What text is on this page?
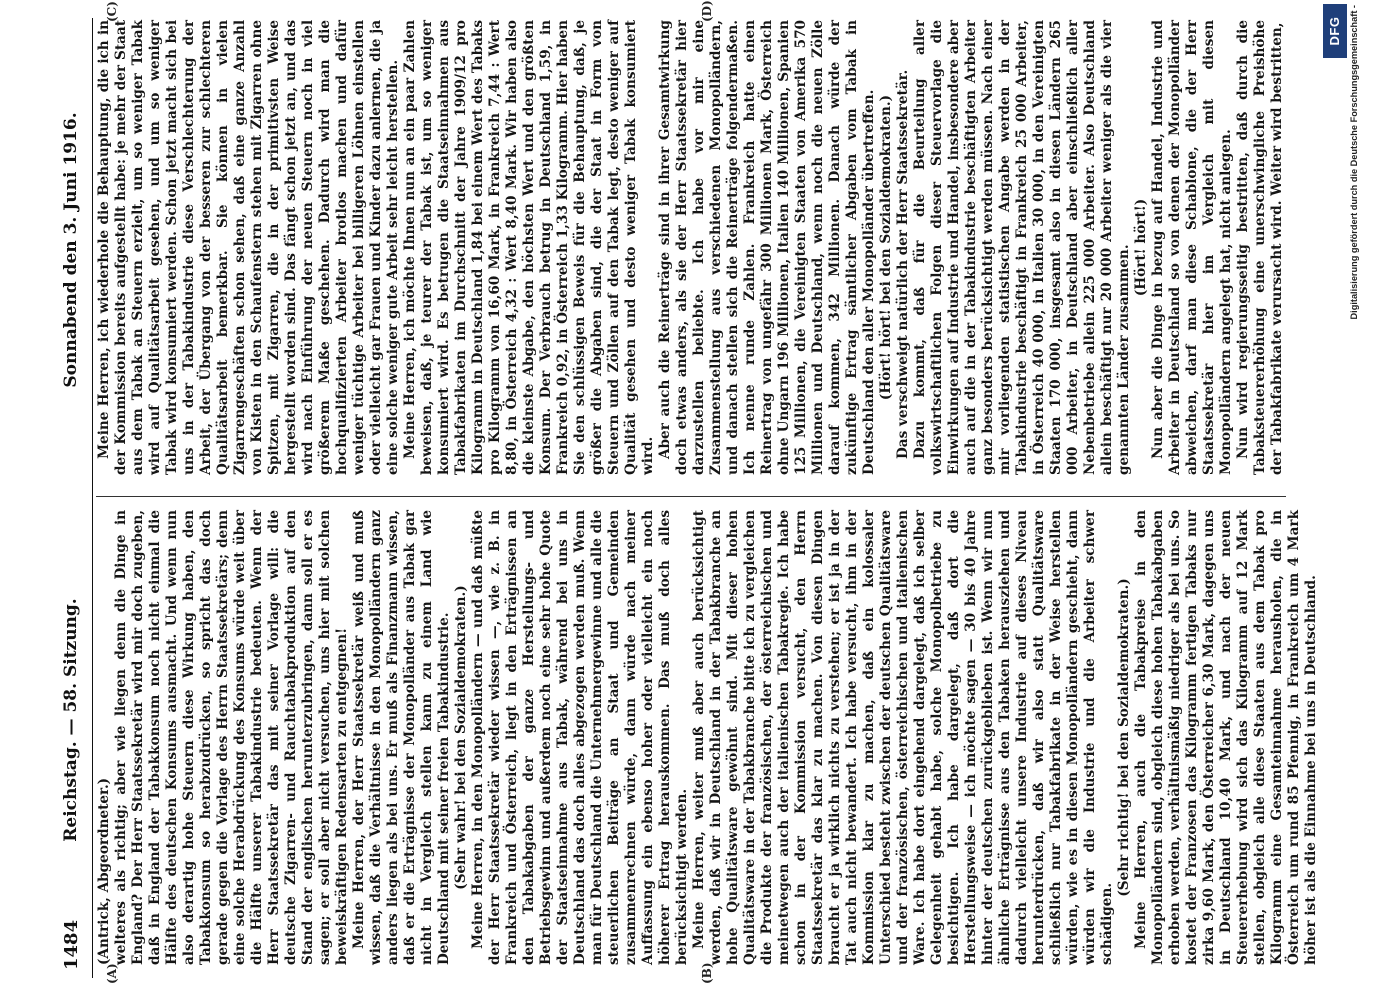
Digitalisierung gefördert durch die Deutsche Forschungsgemeinschaft -
DFG
1484
Reichstag. — 58. Sitzung.
Sonnabend den 3. Juni 1916.
(A)	(B)
(C)	(D)

(Antrick, Abgeordneter.) welteres als richtig; aber wie liegen denn die Dinge in England? Der Herr Staatssekretär wird mir doch zugeben, daß in England der Tabakkonsum noch nicht einmal die Hälfte des deutschen Konsums ausmacht. Und wenn nun also derartig hohe Steuern diese Wirkung haben, den Tabakkonsum so herabzudrücken, so spricht das doch gerade gegen die Vorlage des Herrn Staatssekretärs; denn eine solche Herabdrückung des Konsums würde weit über die Hälfte unserer Tabakindustrie bedeuten. Wenn der Herr Staatssekretär das mit seiner Vorlage will: die deutsche Zigarren- und Rauchtabakproduktion auf den Stand der englischen herunterzubringen, dann soll er es sagen; er soll aber nicht versuchen, uns hier mit solchen beweiskräftigen Redensarten zu entgegnen! Meine Herren, der Herr Staatssekretär weiß und muß wissen, daß die Verhältnisse in den Monopolländern ganz anders liegen als bei uns. Er muß als Finanzmann wissen, daß er die Erträgnisse der Monopolländer aus Tabak gar nicht in Vergleich stellen kann zu einem Land wie Deutschland mit seiner freien Tabakindustrie. (Sehr wahr! bei den Sozialdemokraten.) Meine Herren, in den Monopolländern — und daß müßte der Herr Staatssekretär wieder wissen —, wie z. B. in Frankreich und Österreich, liegt in den Erträgnissen an den Tabakabgaben der ganze Herstellungs- und Betriebsgewinn und außerdem noch eine sehr hohe Quote der Staatseinnahme aus Tabak, während bei uns in Deutschland das doch alles abgezogen werden muß. Wenn man für Deutschland die Unternehmergewinne und alle die steuerlichen Beiträge an Staat und Gemeinden zusammenrechnen würde, dann würde nach meiner Auffassung ein ebenso hoher oder vielleicht ein noch höherer Ertrag herauskommen. Das muß doch alles berücksichtigt werden. Meine Herren, weiter muß aber auch berücksichtigt werden, daß wir in Deutschland in der Tabakbranche an hohe Qualitätsware gewöhnt sind. Mit dieser hohen Qualitätsware in der Tabakbranche bitte ich zu vergleichen die Produkte der französischen, der österreichischen und meinetwegen auch der italienischen Tabakregie. Ich habe schon in der Kommission versucht, den Herrn Staatssekretär das klar zu machen. Von diesen Dingen braucht er ja wirklich nichts zu verstehen; er ist ja in der Tat auch nicht bewandert. Ich habe versucht, ihm in der Kommission klar zu machen, daß ein kolossaler Unterschied besteht zwischen der deutschen Qualitätsware und der französischen, österreichischen und italienischen Ware. Ich habe dort eingehend dargelegt, daß ich selber Gelegenheit gehabt habe, solche Monopolbetriebe zu besichtigen. Ich habe dargelegt, daß dort die Herstellungsweise — ich möchte sagen — 30 bis 40 Jahre hinter der deutschen zurückgeblieben ist. Wenn wir nun ähnliche Erträgnisse aus den Tabaken herausziehen und dadurch vielleicht unsere Industrie auf dieses Niveau herunterdrücken, daß wir also statt Qualitätsware schließlich nur Tabakfabrikate in der Weise herstellen würden, wie es in diesen Monopolländern geschieht, dann würden wir die Industrie und die Arbeiter schwer schädigen.

(Sehr richtig! bei den Sozialdemokraten.) Meine Herren, auch die Tabakpreise in den Monopolländern sind, obgleich diese hohen Tabakabgaben erhoben werden, verhältnismäßig niedriger als bei uns. So kostet der Franzosen das Kilogramm fertigen Tabaks nur zirka 9,60 Mark, den Österreicher 6,30 Mark, dagegen uns in Deutschland 10,40 Mark, und nach der neuen Steuererhebung wird sich das Kilogramm auf 12 Mark stellen, obgleich alle diese Staaten aus dem Tabak pro Kilogramm eine Gesamteinnahme herausholen, die in Österreich um rund 85 Pfennig, in Frankreich um 4 Mark höher ist als die Einnahme bei uns in Deutschland.

Meine Herren, ich wiederhole die Behauptung, die ich in der Kommission bereits aufgestellt habe: je mehr der Staat aus dem Tabak an Steuern erzielt, um so weniger Tabak wird auf Qualitätsarbeit gesehen, und um so weniger Tabak wird konsumiert werden. Schon jetzt macht sich bei uns in der Tabakindustrie diese Verschlechterung der Arbeit, der Übergang von der besseren zur schlechteren Qualitätsarbeit bemerkbar. Sie können in vielen Zigarrengeschäften schon sehen, daß eine ganze Anzahl von Kisten in den Schaufenstern stehen mit Zigarren ohne Spitzen, mit Zigarren, die in der primitivsten Weise hergestellt worden sind. Das fängt schon jetzt an, und das wird nach Einführung der neuen Steuern noch in viel größerem Maße geschehen. Dadurch wird man die hochqualifizierten Arbeiter brotlos machen und dafür weniger tüchtige Arbeiter bei billigeren Löhnen einstellen oder vielleicht gar Frauen und Kinder dazu anlernen, die ja eine solche weniger gute Arbeit sehr leicht herstellen. Meine Herren, ich möchte Ihnen nun an ein paar Zahlen beweisen, daß, je teurer der Tabak ist, um so weniger konsumiert wird. Es betrugen die Staatseinnahmen aus Tabakfabrikaten im Durchschnitt der Jahre 1909/12 pro Kilogramm in Deutschland 1,84 bei einem Wert des Tabaks pro Kilogramm von 16,60 Mark, in Frankreich 7,44 : Wert 8,80, in Österreich 4,32 : Wert 8,40 Mark. Wir haben also die kleinste Abgabe, den höchsten Wert und den größten Konsum. Der Verbrauch betrug in Deutschland 1,59, in Frankreich 0,92, in Österreich 1,33 Kilogramm. Hier haben Sie den schlüssigen Beweis für die Behauptung, daß, je größer die Abgaben sind, die der Staat in Form von Steuern und Zöllen auf den Tabak legt, desto weniger auf Qualität gesehen und desto weniger Tabak konsumiert wird. Aber auch die Reinerträge sind in ihrer Gesamtwirkung doch etwas anders, als sie der Herr Staatssekretär hier darzustellen beliebte. Ich habe vor mir eine Zusammenstellung aus verschiedenen Monopolländern, und danach stellen sich die Reinerträge folgendermaßen. Ich nenne runde Zahlen. Frankreich hatte einen Reinertrag von ungefähr 300 Millionen Mark, Österreich ohne Ungarn 196 Millionen, Italien 140 Millionen, Spanien 125 Millionen, die Vereinigten Staaten von Amerika 570 Millionen und Deutschland, wenn noch die neuen Zölle darauf kommen, 342 Millionen. Danach würde der zukünftige Ertrag sämtlicher Abgaben vom Tabak in Deutschland den aller Monopolländer übertreffen. (Hört! hört! bei den Sozialdemokraten.) Das verschweigt natürlich der Herr Staatssekretär. Dazu kommt, daß für die Beurteilung aller volkswirtschaftlichen Folgen dieser Steuervorlage die Einwirkungen auf Industrie und Handel, insbesondere aber auch auf die in der Tabakindustrie beschäftigten Arbeiter ganz besonders berücksichtigt werden müssen. Nach einer mir vorliegenden statistischen Angabe werden in der Tabakindustrie beschäftigt in Frankreich 25 000 Arbeiter, in Österreich 40 000, in Italien 30 000, in den Vereinigten Staaten 170 000, insgesamt also in diesen Ländern 265 000 Arbeiter, in Deutschland aber einschließlich aller Nebenbetriebe allein 225 000 Arbeiter. Also Deutschland allein beschäftigt nur 20 000 Arbeiter weniger als die vier genannten Länder zusammen. (Hört! hört!) Nun aber die Dinge in bezug auf Handel, Industrie und Arbeiter in Deutschland so von denen der Monopolländer abweichen, darf man diese Schablone, die der Herr Staatssekretär hier im Vergleich mit diesen Monopolländern angelegt hat, nicht anlegen. Nun wird regierungsseitig bestritten, daß durch die Tabaksteuererhöhung eine unerschwingliche Preishöhe der Tabakfabrikate verursacht wird. Weiter wird bestritten,
